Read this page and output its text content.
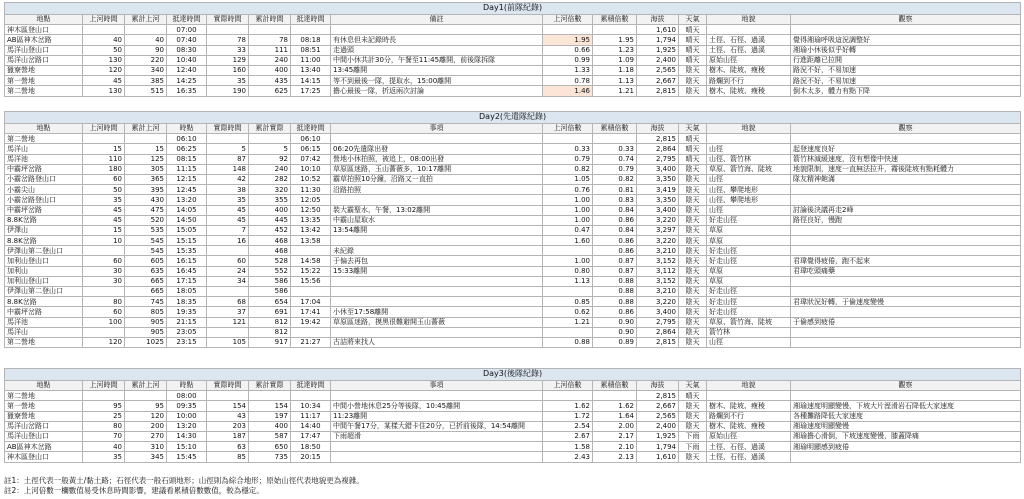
Day1(前隊紀錄)													
地點	上河時間	累計上河	抵達時間	實際時間	累計時間	抵達時間	備註	上河倍數	累積倍數	海拔	天氣	地貌	觀察
神木區登山口			07:00							1,610	晴天		
AB區神木岔路	40	40	07:40	78	78	08:18	有休息但未記錄時長	1.95	1.95	1,794	晴天	土徑、石徑、過溪	覺得湘瑜呼吸這況調整好
馬洋山登山口	50	90	08:30	33	111	08:51	走過頭	0.66	1.23	1,925	晴天	土徑、石徑、過溪	湘瑜小休後似乎好轉
馬洋山岔路口	130	220	10:40	129	240	11:00	中間小休共計30分，午餐至11:45離開，前後隊拆隊	0.99	1.09	2,400	晴天	原始山徑	行進距離已拉開
獵寮營地	120	340	12:40	160	400	13:40	13:45離開	1.33	1.18	2,565	陰天	樹木、陡坡、瘦稜	路況不好，不易加速
第一營地	45	385	14:25	35	435	14:15	等不到最後一隊，提取水，15:00離開	0.78	1.13	2,667	陰天	路爛到不行	路況不好，不易加速
第二營地	130	515	16:35	190	625	17:25	擔心最後一隊，折返兩次討論	1.46	1.21	2,815	陰天	樹木、陡坡、瘦稜	倒木太多，體力有點下降
Day2(先遣隊紀錄)													
地點	上河時間	累計上河	時點	實際時間	累計實際	抵達時間	事項	上河倍數	累積倍數	海拔	天氣	地貌	觀察
第二營地			06:10			06:10				2,815	晴天		
馬洋山	15	15	06:25	5	5	06:15	06:20先遣隊出發	0.33	0.33	2,864	晴天	山徑	起登速度良好
馬洋池	110	125	08:15	87	92	07:42	營地小休拍照，被追上，08:00出發	0.79	0.74	2,795	晴天	山徑、箭竹林	箭竹林減緩速度，沒有想像中快速
中霸坪岔路	180	305	11:15	148	240	10:10	草原區迷路，玉山薔薇多，10:17離開	0.82	0.79	3,400	陰天	草原、箭竹海、陡坡	地貌限制，速度一直無法拉升，霧後陡坡有點耗體力
小霸岔路登山口	60	365	12:15	42	282	10:52	霸草拍照10分鐘，沿路又一直拍	1.05	0.82	3,350	陰天	山徑	隊友精神飽滿
小霸尖山	50	395	12:45	38	320	11:30	沿路拍照	0.76	0.81	3,419	陰天	山徑、攀爬地形	
小霸岔路登山口	35	430	13:20	35	355	12:05		1.00	0.83	3,350	陰天	山徑、攀爬地形	
中霸坪岔路	45	475	14:05	45	400	12:50	裝大霸聖水，午餐，13:02離開	1.00	0.84	3,400	陰天	山徑	討論後決議再走2峰
8.8K岔路	45	520	14:50	45	445	13:35	中霸山屋取水	1.00	0.86	3,220	陰天	好走山徑	路徑良好，慢跑
伊澤山	15	535	15:05	7	452	13:42	13:54離開	0.47	0.84	3,297	陰天	草原	
8.8K岔路	10	545	15:15	16	468	13:58		1.60	0.86	3,220	陰天	草原	
伊澤山第二登山口		545	15:35		468		未紀錄		0.86	3,210	陰天	好走山徑	
加利山登山口	60	605	16:15	60	528	14:58	于偏去再包	1.00	0.87	3,152	陰天	好走山徑	君瑋覺得疲倦，跑不起來
加利山	30	635	16:45	24	552	15:22	15:33離開	0.80	0.87	3,112	陰天	草原	君瑋吃頭痛藥
加利山登山口	30	665	17:15	34	586	15:56		1.13	0.88	3,152	陰天	草原	
伊澤山第二登山口		665	18:05		586				0.88	3,210	陰天	好走山徑	
8.8K岔路	80	745	18:35	68	654	17:04		0.85	0.88	3,220	陰天	好走山徑	君瑋狀況好轉，于倫速度變慢
中霸坪岔路	60	805	19:35	37	691	17:41	小休至17:58離開	0.62	0.86	3,400	陰天	好走山徑	
馬洋池	100	905	21:15	121	812	19:42	草原區迷路，摸黑很難避開玉山薔薇	1.21	0.90	2,795	陰天	草原、箭竹海、陡坡	于倫感到疲倦
馬洋山		905	23:05		812				0.90	2,864	陰天	箭竹林	
第二營地	120	1025	23:15	105	917	21:27	古詰將來找人	0.88	0.89	2,815	陰天	山徑	
Day3(後隊紀錄)													
地點	上河時間	累計上河	時點	實際時間	累計實際	抵達時間	事項	上河倍數	累積倍數	海拔	天氣	地貌	觀察
第二營地			08:00							2,815	晴天		
第一營地	95	95	09:35	154	154	10:34	中間小營地休息25分等後隊，10:45離開	1.62	1.62	2,667	陰天	樹木、陡坡、瘦稜	湘瑜速度明顯變慢，下坡大片溼滑岩石降低大家速度
獵寮營地	25	120	10:00	43	197	11:17	11:23離開	1.72	1.64	2,565	陰天	路爛到不行	各種攤路降低大家速度
馬洋山岔路口	80	200	13:20	203	400	14:40	中間午餐17分，某樣大錯卡住20分，已折前後隊，14:54離開	2.54	2.00	2,400	陰天	樹木、陡坡、瘦稜	湘瑜速度明顯變慢
馬洋山登山口	70	270	14:30	187	587	17:47	下雨超滑	2.67	2.17	1,925	下雨	原始山徑	湘瑜擔心滑倒，下坡速度變慢，膝蓋降痛
AB區神木岔路	40	310	15:10	63	650	18:50		1.58	2.10	1,794	下雨	土徑、石徑、過溪	湘瑜明顯感到疲倦
神木區登山口	35	345	15:45	85	735	20:15		2.43	2.13	1,610	陰天	土徑、石徑、過溪	
註1：土徑代表一般黃土/黏土路；石徑代表一般石頭地形；山徑則為綜合地形；原始山徑代表地貌更為複雜。
註2：上河倍數一欄數值易受休息時間影響，建議看累積倍數數值，較為穩定。
